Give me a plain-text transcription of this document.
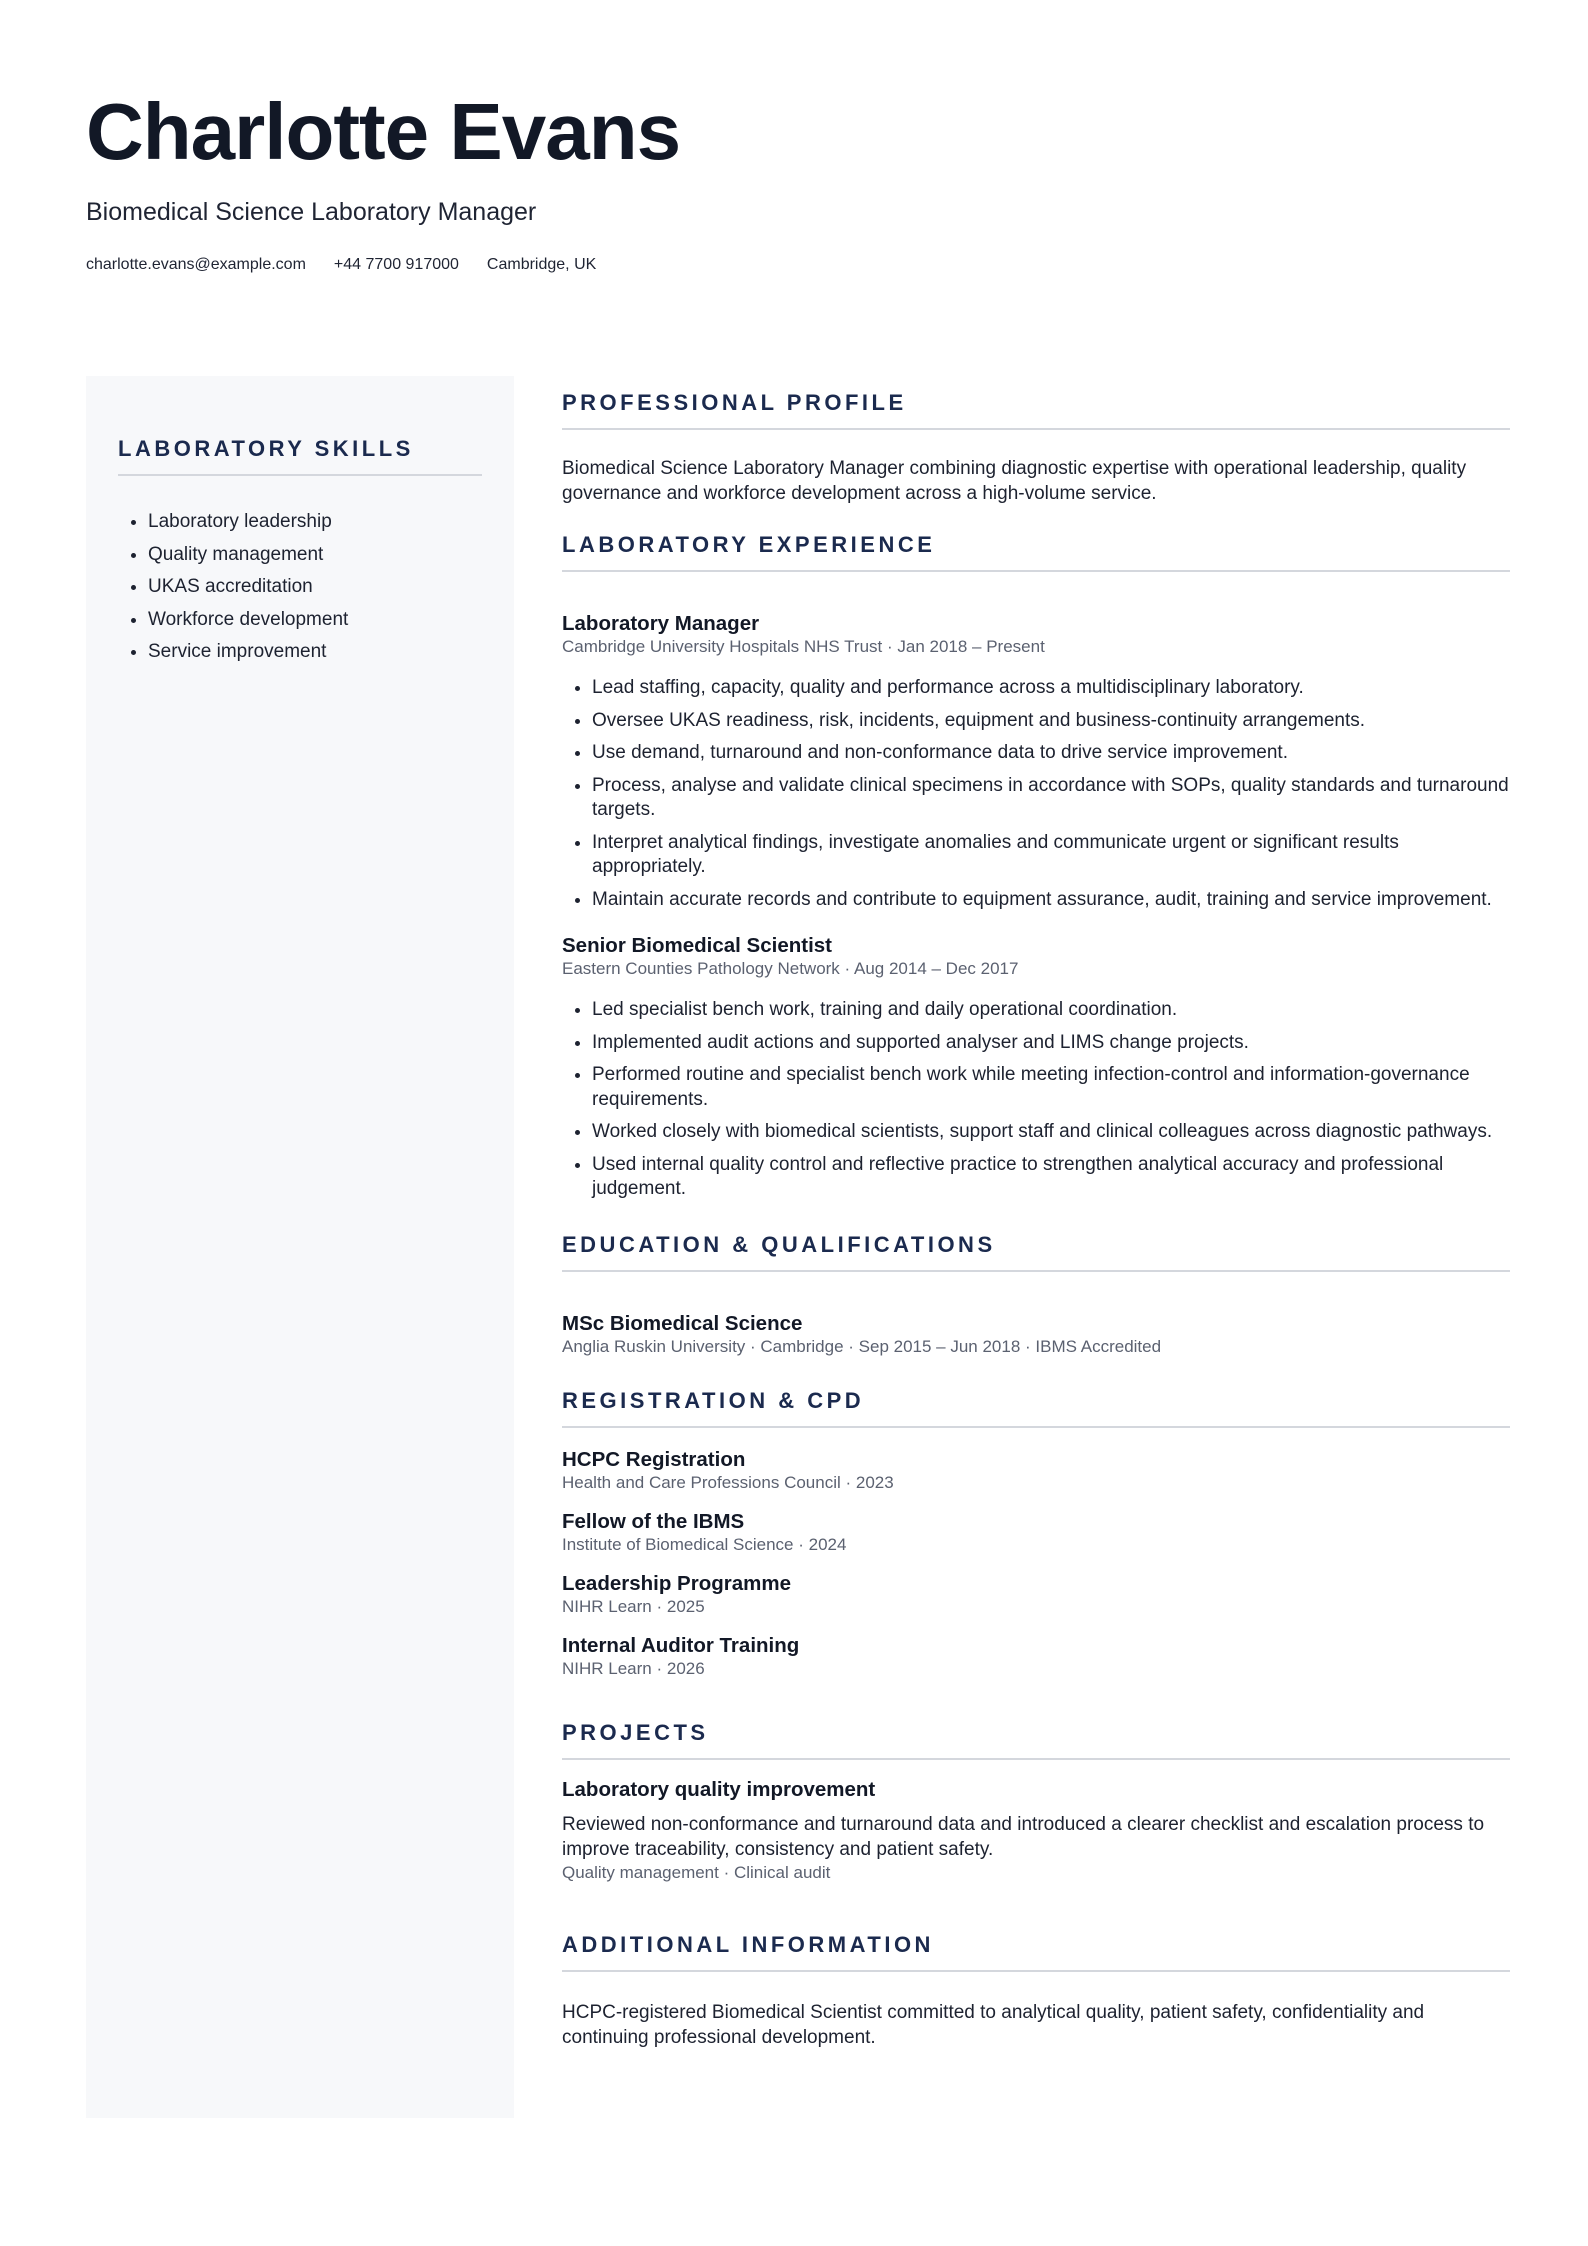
Charlotte Evans

Biomedical Science Laboratory Manager

charlotte.evans@example.com +44 7700 917000 Cambridge, UK
LABORATORY SKILLS
• Laboratory leadership
• Quality management
• UKAS accreditation
• Workforce development
• Service improvement
PROFESSIONAL PROFILE

Biomedical Science Laboratory Manager combining diagnostic expertise with operational leadership, quality governance and workforce development across a high-volume service.

LABORATORY EXPERIENCE

Laboratory Manager

Cambridge University Hospitals NHS Trust · Jan 2018 – Present

• Lead staffing, capacity, quality and performance across a multidisciplinary laboratory.
• Oversee UKAS readiness, risk, incidents, equipment and business-continuity arrangements.
• Use demand, turnaround and non-conformance data to drive service improvement.
• Process, analyse and validate clinical specimens in accordance with SOPs, quality standards and turnaround targets.
• Interpret analytical findings, investigate anomalies and communicate urgent or significant results appropriately.
• Maintain accurate records and contribute to equipment assurance, audit, training and service improvement.

Senior Biomedical Scientist

Eastern Counties Pathology Network · Aug 2014 – Dec 2017

• Led specialist bench work, training and daily operational coordination.
• Implemented audit actions and supported analyser and LIMS change projects.
• Performed routine and specialist bench work while meeting infection-control and information-governance requirements.
• Worked closely with biomedical scientists, support staff and clinical colleagues across diagnostic pathways.
• Used internal quality control and reflective practice to strengthen analytical accuracy and professional judgement.
EDUCATION & QUALIFICATIONS

MSc Biomedical Science

Anglia Ruskin University · Cambridge · Sep 2015 – Jun 2018 · IBMS Accredited

REGISTRATION & CPD

HCPC Registration

Health and Care Professions Council · 2023

Fellow of the IBMS

Institute of Biomedical Science · 2024

Leadership Programme

NIHR Learn · 2025

Internal Auditor Training

NIHR Learn · 2026

PROJECTS

Laboratory quality improvement

Reviewed non-conformance and turnaround data and introduced a clearer checklist and escalation process to improve traceability, consistency and patient safety.

Quality management · Clinical audit

ADDITIONAL INFORMATION

HCPC-registered Biomedical Scientist committed to analytical quality, patient safety, confidentiality and continuing professional development.
